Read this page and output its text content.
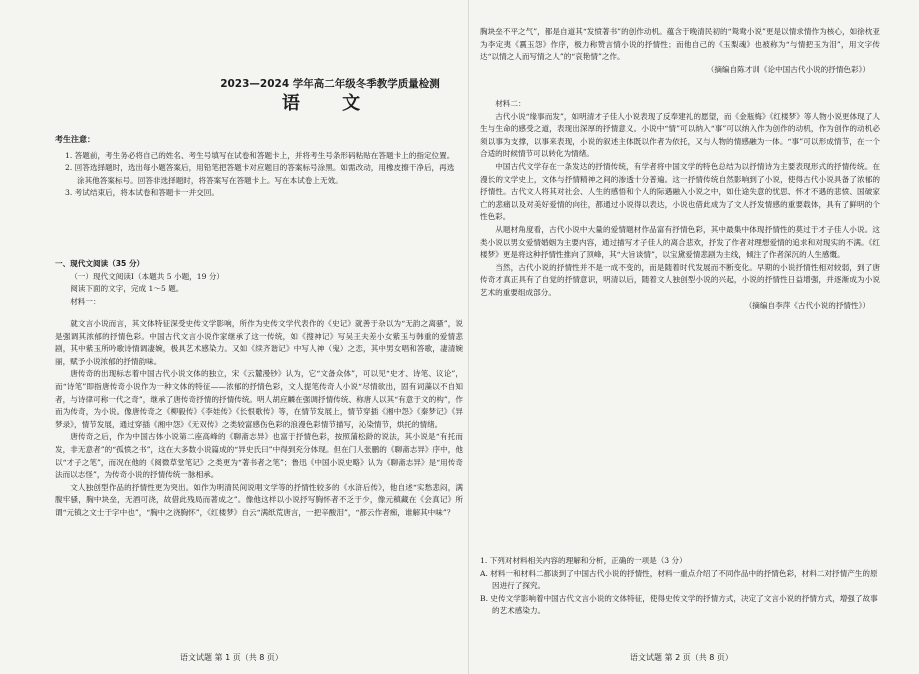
2023—2024 学年高二年级冬季教学质量检测
语 文
考生注意：
1. 答题前，考生务必将自己的姓名、考生号填写在试卷和答题卡上，并将考生号条形码粘贴在答题卡上的指定位置。
2. 回答选择题时，选出每小题答案后，用铅笔把答题卡对应题目的答案标号涂黑。如需改动，用橡皮擦干净后，再选涂其他答案标号。回答非选择题时，将答案写在答题卡上。写在本试卷上无效。
3. 考试结束后，将本试卷和答题卡一并交回。
一、现代文阅读（35 分）
（一）现代文阅读Ⅰ（本题共 5 小题，19 分）
阅读下面的文字，完成 1～5 题。
材料一：

就文言小说而言，其文体特征深受史传文学影响，所作为史传文学代表作的《史记》就善于杂以为“无韵之离骚”，说是强调其浓郁的抒情色彩。中国古代文言小说作家继承了这一传统，如《搜神记》写吴王夫差小女紫玉与韩重的爱情悲剧，其中紫玉所吟歌诗情调凄婉，极具艺术感染力。又如《续齐谐记》中写人神（鬼）之恋，其中男女唱和答歌，凄清婉丽，赋予小说浓郁的抒情韵味。

唐传奇的出现标志着中国古代小说文体的独立，宋《云麓漫钞》认为，它“文备众体”，可以见“史才、诗笔、议论”，而“诗笔”即指唐传奇小说作为一种文体的特征——浓郁的抒情色彩，文人提笔传奇人小说“尽情欲出，固有词藻以不自知者，与诗律可称一代之奇”，继承了唐传奇抒情的抒情传统。明人胡应麟在强调抒情传统、称唐人以其“有意于文的构”，作而为传奇，为小说。像唐传奇之《柳毅传》《李娃传》《长恨歌传》等，在情节发展上，情节穿插《湘中怨》《秦梦记》《异梦录》，情节发展，通过穿插《湘中怨》《无双传》之类较富感伤色彩的浪漫色彩情节描写，沁染情节，烘托的情绪。

唐传奇之后，作为中国古体小说第二座高峰的《聊斋志异》也富于抒情色彩，按照蒲松龄的说法，其小说是“有托而发，非无意者”的“孤愤之书”，这在大多数小说篇成的“异史氏曰”中得到充分体现。但在门人张鹏的《聊斋志异》序中，他以“才子之笔”，而况在他的《阅微草堂笔记》之类更为“著书者之笔”；鲁迅《中国小说史略》认为《聊斋志异》是“用传奇法而以志怪”，为传奇小说的抒情传统一脉相承。

文人独创型作品的抒情性更为突出。如作为明清民间说唱文学等的抒情性较多的《水浒后传》，他自述“实愁悲闷，满腹牢骚，胸中块垒，无酒可浇，故借此残局而著成之”。像他这样以小说抒写胸怀者不乏于少，像元稹藏在《会真记》所谓“元镇之文士于字中也”，“胸中之浇胸怀”，《红楼梦》自云“满纸荒唐言，一把辛酸泪”，“都云作者痴，谁解其中味”？

语文试题 第 1 页（共 8 页）

胸块垒不平之气”，都是自道其“发愤著书”的创作动机。蕴含于晚清民初的“鸳鸯小说”更是以情求情作为核心，如徐枕亚为李定夷《霣玉怨》作序，极力称赞言情小说的抒情性；而他自己的《玉梨魂》也被称为“与情把玉为泪”，用文字传达“以情之人而写情之人”的“哀艳情”之作。

（摘编自陈才训《论中国古代小说的抒情色彩》）
材料二：

古代小说“缘事而发”，如明清才子佳人小说表现了反奉建礼的愿望，而《金瓶梅》《红楼梦》等人物小说更体现了人生与生命的感受之道，表现出深厚的抒情意义。小说中“情”可以纳入“事”可以纳入作为创作的动机，作为创作的动机必须以事为支撑，以事来表现，小说的叙述主体既以作者为依托，又与人物的情感融为一体。“事”可以形成情节，在一个合适的时候情节可以转化为情绪。

中国古代文学存在一条发达的抒情传统，有学者将中国文学的特色总结为以抒情诗为主要表现形式的抒情传统。在漫长的文学史上，文体与抒情精神之间的渗透十分普遍。这一抒情传统自然影响到了小说，使得古代小说具备了浓郁的抒情性。古代文人将其对社会、人生的感悟和个人的际遇融入小说之中，如仕途失意的忧思、怀才不遇的悲愤、国破家亡的悲痛以及对美好爱情的向往，都通过小说得以表达，小说也借此成为了文人抒发情感的重要载体，具有了鲜明的个性色彩。

从题材角度看，古代小说中大量的爱情题材作品富有抒情色彩，其中最集中体现抒情性的莫过于才子佳人小说。这类小说以男女爱情婚姻为主要内容，通过描写才子佳人的离合悲欢，抒发了作者对理想爱情的追求和对现实的不满。《红楼梦》更是将这种抒情性推向了顶峰，其“大旨谈情”，以宝黛爱情悲剧为主线，倾注了作者深沉的人生感慨。

当然，古代小说的抒情性并不是一成不变的，而是随着时代发展而不断变化。早期的小说抒情性相对较弱，到了唐传奇才真正具有了自觉的抒情意识，明清以后，随着文人独创型小说的兴起，小说的抒情性日益增强，并逐渐成为小说艺术的重要组成部分。

（摘编自李萍《古代小说的抒情性》）
1. 下列对材料相关内容的理解和分析，正确的一项是（3 分）

A. 材料一和材料二都谈到了中国古代小说的抒情性，材料一重点介绍了不同作品中的抒情色彩，材料二对抒情产生的原因进行了探究。

B. 史传文学影响着中国古代文言小说的文体特征，使得史传文学的抒情方式，决定了文言小说的抒情方式，增强了故事的艺术感染力。

语文试题 第 2 页（共 8 页）
